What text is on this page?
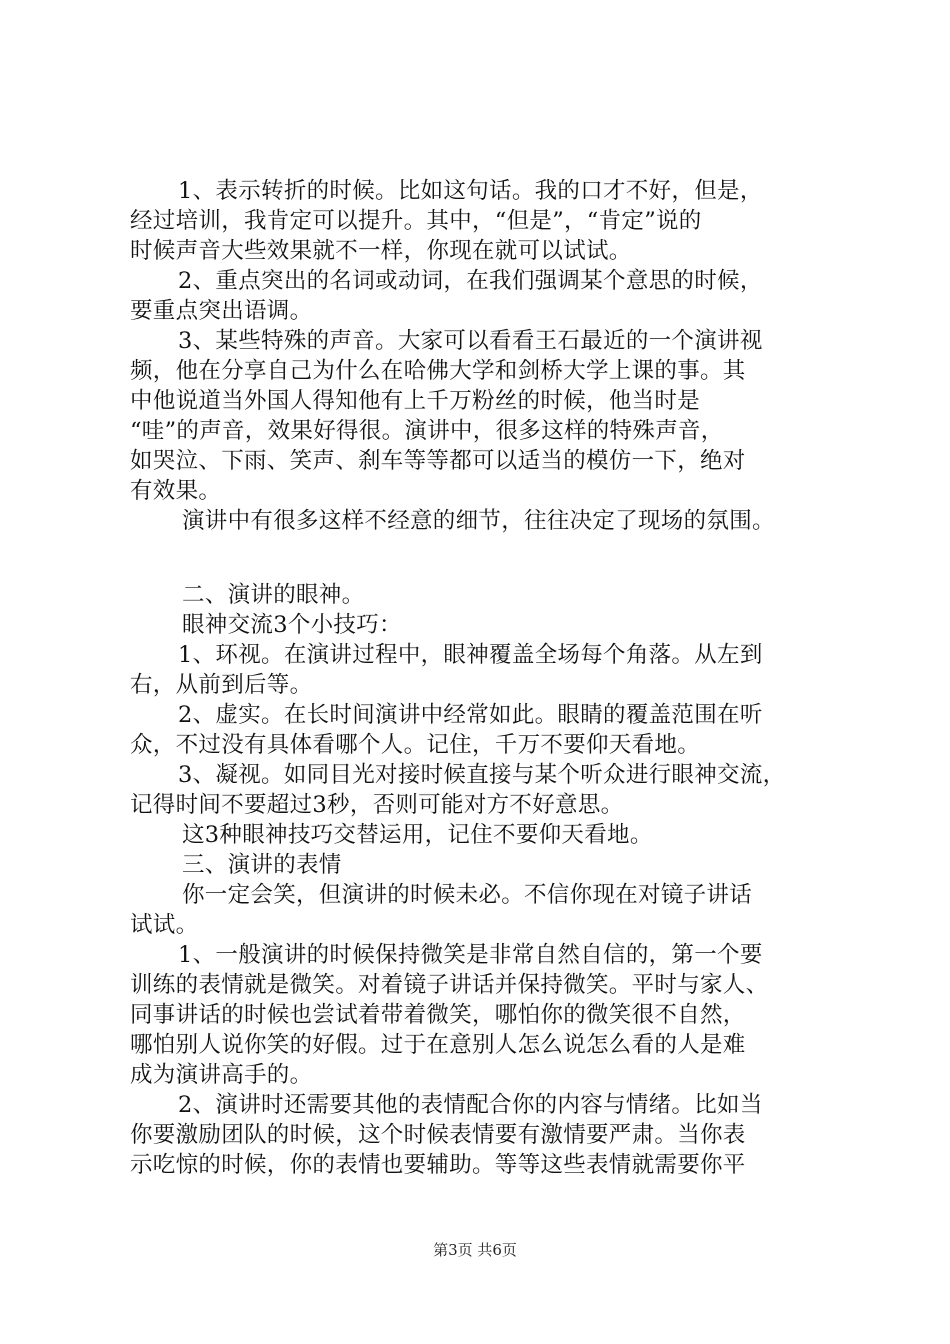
1、表示转折的时候。比如这句话。我的口才不好，但是，
经过培训，我肯定可以提升。其中，“但是”，“肯定”说的
时候声音大些效果就不一样，你现在就可以试试。
2、重点突出的名词或动词，在我们强调某个意思的时候，
要重点突出语调。
3、某些特殊的声音。大家可以看看王石最近的一个演讲视
频，他在分享自己为什么在哈佛大学和剑桥大学上课的事。其
中他说道当外国人得知他有上千万粉丝的时候，他当时是
“哇”的声音，效果好得很。演讲中，很多这样的特殊声音，
如哭泣、下雨、笑声、刹车等等都可以适当的模仿一下，绝对
有效果。
演讲中有很多这样不经意的细节，往往决定了现场的氛围。
二、演讲的眼神。
眼神交流3个小技巧：
1、环视。在演讲过程中，眼神覆盖全场每个角落。从左到
右，从前到后等。
2、虚实。在长时间演讲中经常如此。眼睛的覆盖范围在听
众，不过没有具体看哪个人。记住，千万不要仰天看地。
3、凝视。如同目光对接时候直接与某个听众进行眼神交流，
记得时间不要超过3秒，否则可能对方不好意思。
这3种眼神技巧交替运用，记住不要仰天看地。
三、演讲的表情
你一定会笑，但演讲的时候未必。不信你现在对镜子讲话
试试。
1、一般演讲的时候保持微笑是非常自然自信的，第一个要
训练的表情就是微笑。对着镜子讲话并保持微笑。平时与家人、
同事讲话的时候也尝试着带着微笑，哪怕你的微笑很不自然，
哪怕别人说你笑的好假。过于在意别人怎么说怎么看的人是难
成为演讲高手的。
2、演讲时还需要其他的表情配合你的内容与情绪。比如当
你要激励团队的时候，这个时候表情要有激情要严肃。当你表
示吃惊的时候，你的表情也要辅助。等等这些表情就需要你平
第3页 共6页
